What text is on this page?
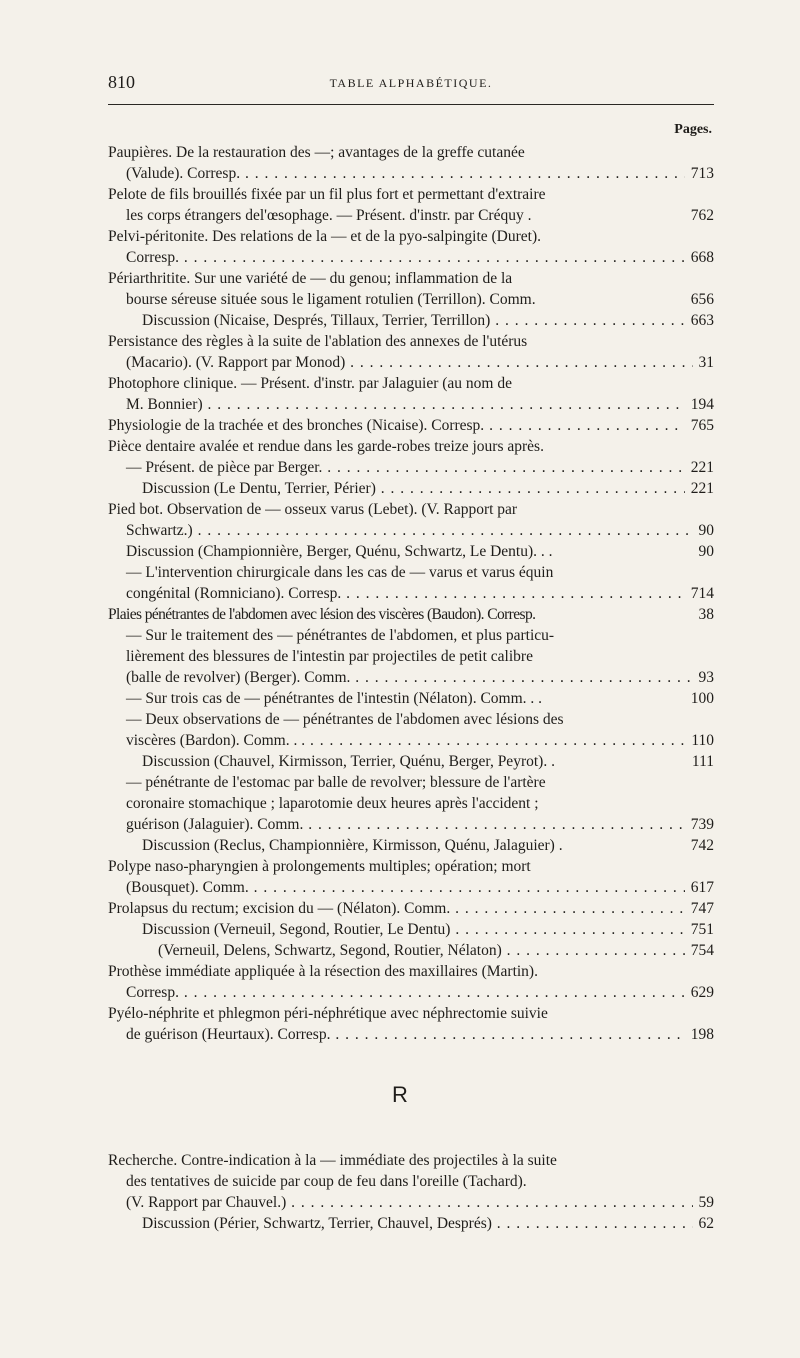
810	TABLE ALPHABÉTIQUE.
Pages.
Paupières. De la restauration des —; avantages de la greffe cutanée
(Valude). Corresp. . . .	713
Pelote de fils brouillés fixée par un fil plus fort et permettant d'extraire
les corps étrangers del'œsophage. — Présent. d'instr. par Créquy .	762
Pelvi-péritonite. Des relations de la — et de la pyo-salpingite (Duret).
Corresp. . . .	668
Périarthritite. Sur une variété de — du genou; inflammation de la
bourse séreuse située sous le ligament rotulien (Terrillon). Comm.	656
Discussion (Nicaise, Després, Tillaux, Terrier, Terrillon) . . .	663
Persistance des règles à la suite de l'ablation des annexes de l'utérus
(Macario). (V. Rapport par Monod) . . .	31
Photophore clinique. — Présent. d'instr. par Jalaguier (au nom de
M. Bonnier) . . .	194
Physiologie de la trachée et des bronches (Nicaise). Corresp. . . .	765
Pièce dentaire avalée et rendue dans les garde-robes treize jours après.
— Présent. de pièce par Berger. . . .	221
Discussion (Le Dentu, Terrier, Périer) . . .	221
Pied bot. Observation de — osseux varus (Lebet). (V. Rapport par
Schwartz.) . . .	90
Discussion (Championnière, Berger, Quénu, Schwartz, Le Dentu). . .	90
— L'intervention chirurgicale dans les cas de — varus et varus équin
congénital (Romniciano). Corresp. . . .	714
Plaies pénétrantes de l'abdomen avec lésion des viscères (Baudon). Corresp.	38
— Sur le traitement des — pénétrantes de l'abdomen, et plus particu-
lièrement des blessures de l'intestin par projectiles de petit calibre
(balle de revolver) (Berger). Comm. . . .	93
— Sur trois cas de — pénétrantes de l'intestin (Nélaton). Comm. . .	100
— Deux observations de — pénétrantes de l'abdomen avec lésions des
viscères (Bardon). Comm. . . . . .	110
Discussion (Chauvel, Kirmisson, Terrier, Quénu, Berger, Peyrot). .	111
— pénétrante de l'estomac par balle de revolver; blessure de l'artère
coronaire stomachique ; laparotomie deux heures après l'accident ;
guérison (Jalaguier). Comm. . . .	739
Discussion (Reclus, Championnière, Kirmisson, Quénu, Jalaguier) .	742
Polype naso-pharyngien à prolongements multiples; opération; mort
(Bousquet). Comm. . . .	617
Prolapsus du rectum; excision du — (Nélaton). Comm. . . .	747
Discussion (Verneuil, Segond, Routier, Le Dentu) . . .	751
(Verneuil, Delens, Schwartz, Segond, Routier, Nélaton) . . .	754
Prothèse immédiate appliquée à la résection des maxillaires (Martin).
Corresp. . . .	629
Pyélo-néphrite et phlegmon péri-néphrétique avec néphrectomie suivie
de guérison (Heurtaux). Corresp. . . .	198
R
Recherche. Contre-indication à la — immédiate des projectiles à la suite
des tentatives de suicide par coup de feu dans l'oreille (Tachard).
(V. Rapport par Chauvel.) . . .	59
Discussion (Périer, Schwartz, Terrier, Chauvel, Després) . . .	62
